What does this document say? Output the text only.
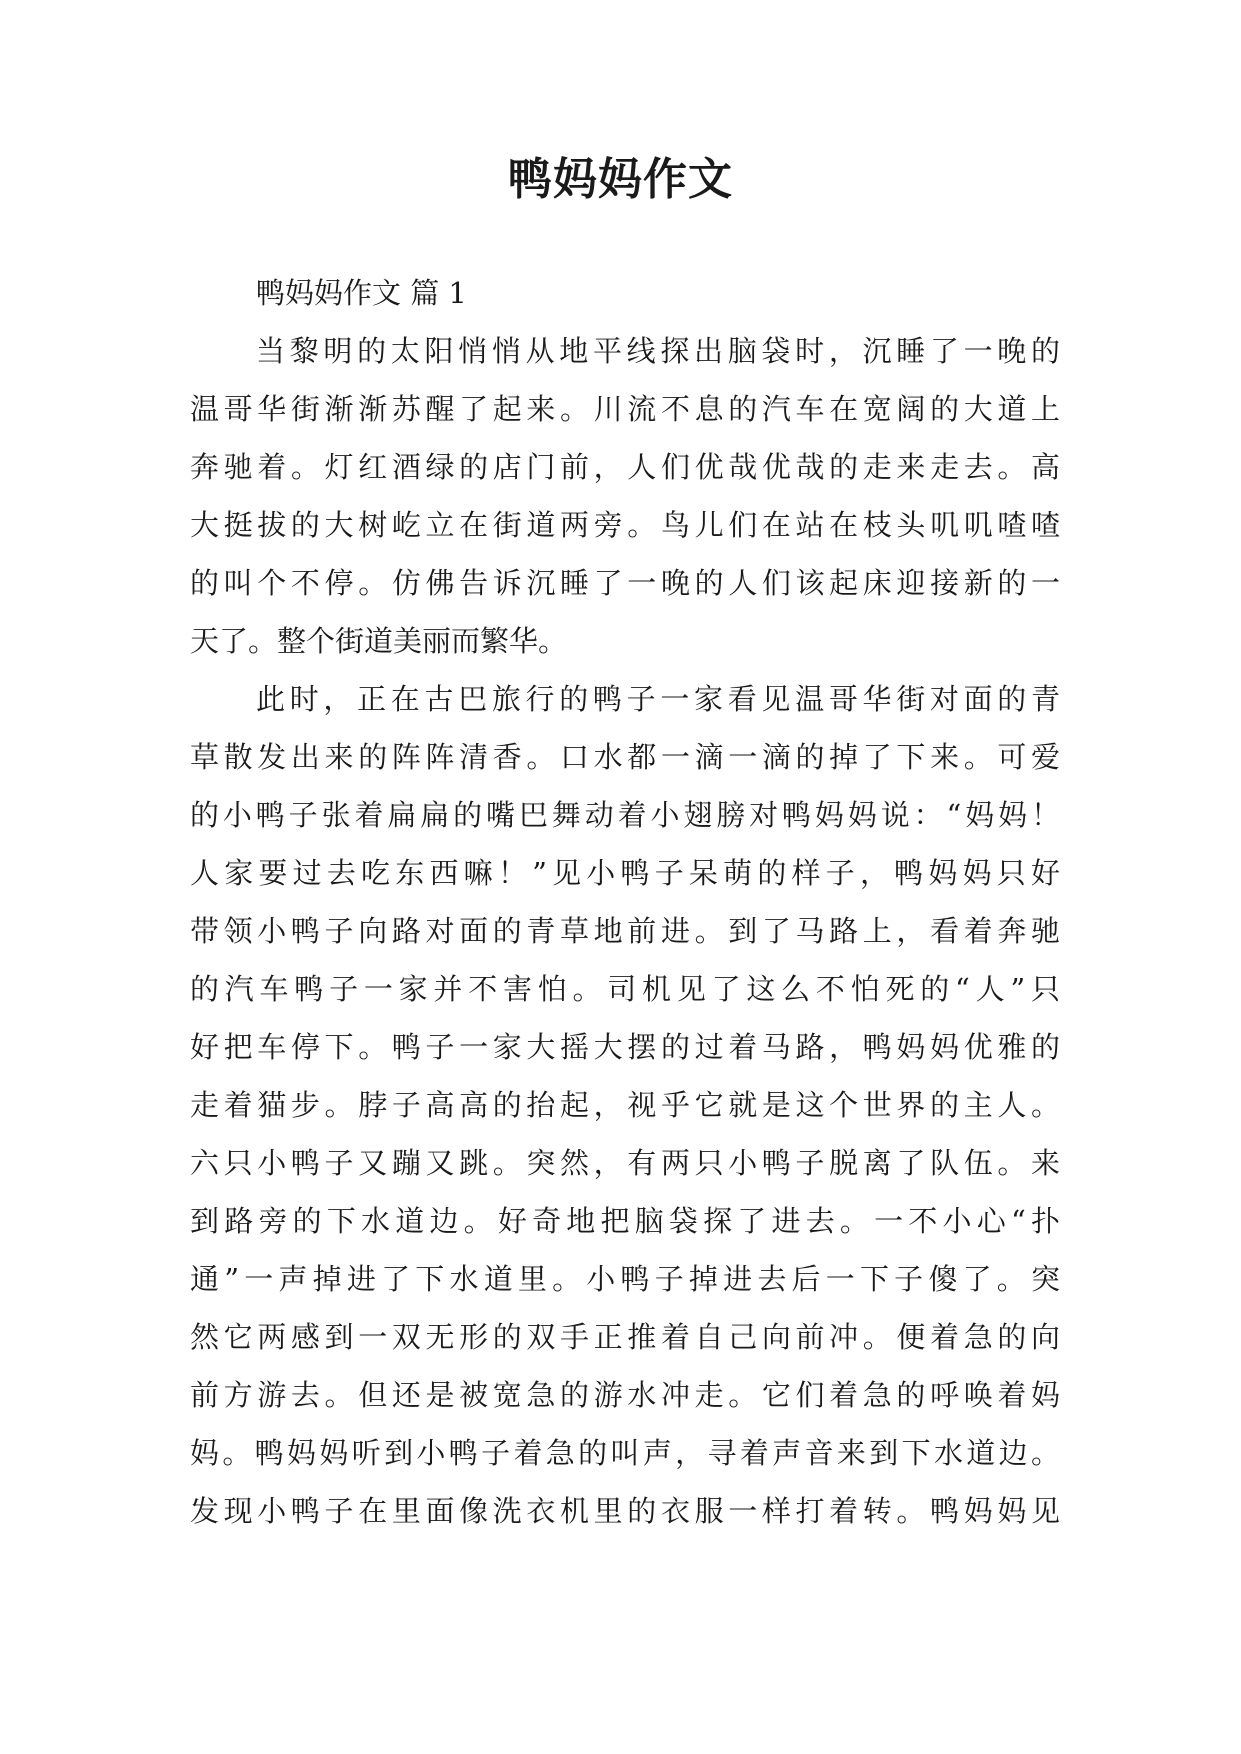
鸭妈妈作文
鸭妈妈作文 篇 1
当黎明的太阳悄悄从地平线探出脑袋时，沉睡了一晚的
温哥华街渐渐苏醒了起来。川流不息的汽车在宽阔的大道上
奔驰着。灯红酒绿的店门前，人们优哉优哉的走来走去。高
大挺拔的大树屹立在街道两旁。鸟儿们在站在枝头叽叽喳喳
的叫个不停。仿佛告诉沉睡了一晚的人们该起床迎接新的一
天了。整个街道美丽而繁华。
此时，正在古巴旅行的鸭子一家看见温哥华街对面的青
草散发出来的阵阵清香。口水都一滴一滴的掉了下来。可爱
的小鸭子张着扁扁的嘴巴舞动着小翅膀对鸭妈妈说：“妈妈！
人家要过去吃东西嘛！”见小鸭子呆萌的样子，鸭妈妈只好
带领小鸭子向路对面的青草地前进。到了马路上，看着奔驰
的汽车鸭子一家并不害怕。司机见了这么不怕死的“人”只
好把车停下。鸭子一家大摇大摆的过着马路，鸭妈妈优雅的
走着猫步。脖子高高的抬起，视乎它就是这个世界的主人。
六只小鸭子又蹦又跳。突然，有两只小鸭子脱离了队伍。来
到路旁的下水道边。好奇地把脑袋探了进去。一不小心“扑
通”一声掉进了下水道里。小鸭子掉进去后一下子傻了。突
然它两感到一双无形的双手正推着自己向前冲。便着急的向
前方游去。但还是被宽急的游水冲走。它们着急的呼唤着妈
妈。鸭妈妈听到小鸭子着急的叫声，寻着声音来到下水道边。
发现小鸭子在里面像洗衣机里的衣服一样打着转。鸭妈妈见
